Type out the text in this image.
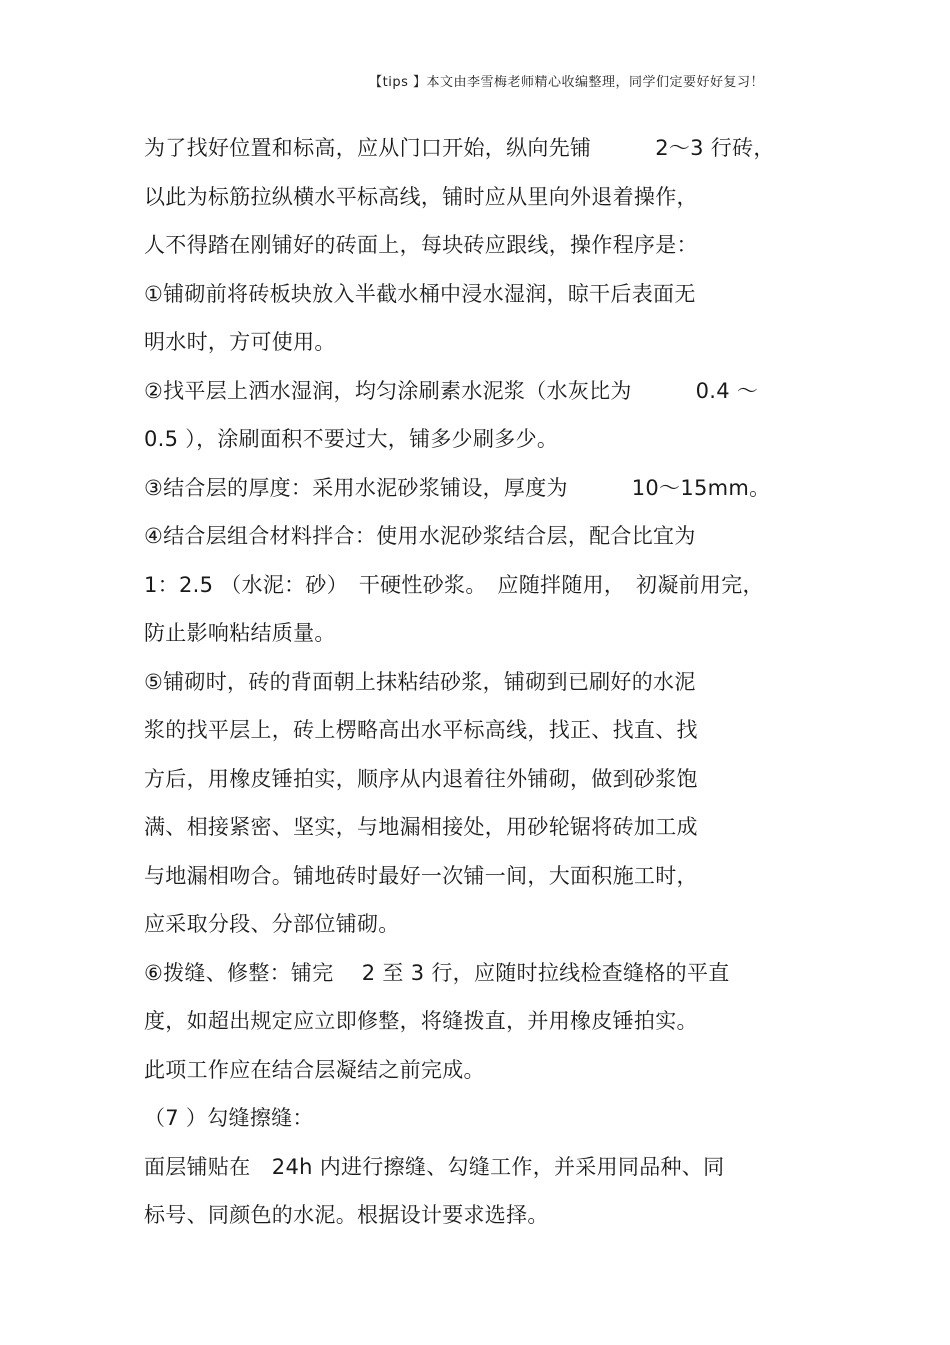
【tips 】本文由李雪梅老师精心收编整理，同学们定要好好复习！
为了找好位置和标高，应从门口开始，纵向先铺　　　2～3 行砖，
以此为标筋拉纵横水平标高线，铺时应从里向外退着操作，
人不得踏在刚铺好的砖面上，每块砖应跟线，操作程序是：
①铺砌前将砖板块放入半截水桶中浸水湿润，晾干后表面无
明水时，方可使用。
②找平层上洒水湿润，均匀涂刷素水泥浆（水灰比为　　　0.4 ～
0.5 ），涂刷面积不要过大，铺多少刷多少。
③结合层的厚度：采用水泥砂浆铺设，厚度为　　　10～15mm。
④结合层组合材料拌合：使用水泥砂浆结合层，配合比宜为
1：2.5 （水泥：砂）　干硬性砂浆。　应随拌随用，　初凝前用完，
防止影响粘结质量。
⑤铺砌时，砖的背面朝上抹粘结砂浆，铺砌到已刷好的水泥
浆的找平层上，砖上楞略高出水平标高线，找正、找直、找
方后，用橡皮锤拍实，顺序从内退着往外铺砌，做到砂浆饱
满、相接紧密、坚实，与地漏相接处，用砂轮锯将砖加工成
与地漏相吻合。铺地砖时最好一次铺一间，大面积施工时，
应采取分段、分部位铺砌。
⑥拨缝、修整：铺完　 2 至 3 行，应随时拉线检查缝格的平直
度，如超出规定应立即修整，将缝拨直，并用橡皮锤拍实。
此项工作应在结合层凝结之前完成。
（7 ）勾缝擦缝：
面层铺贴在　24h 内进行擦缝、勾缝工作，并采用同品种、同
标号、同颜色的水泥。根据设计要求选择。
